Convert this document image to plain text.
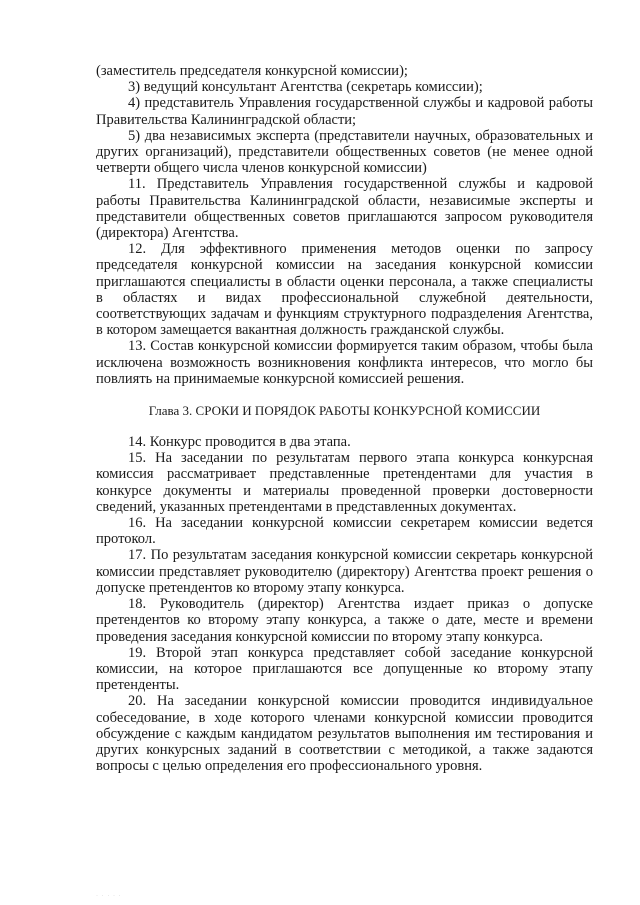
(заместитель председателя конкурсной комиссии);

3) ведущий консультант Агентства (секретарь комиссии);

4) представитель Управления государственной службы и кадровой работы Правительства Калининградской области;

5) два независимых эксперта (представители научных, образовательных и других организаций), представители общественных советов (не менее одной четверти общего числа членов конкурсной комиссии)

11. Представитель Управления государственной службы и кадровой работы Правительства Калининградской области, независимые эксперты и представители общественных советов приглашаются запросом руководителя (директора) Агентства.

12. Для эффективного применения методов оценки по запросу председателя конкурсной комиссии на заседания конкурсной комиссии приглашаются специалисты в области оценки персонала, а также специалисты в областях и видах профессиональной служебной деятельности, соответствующих задачам и функциям структурного подразделения Агентства, в котором замещается вакантная должность гражданской службы.

13. Состав конкурсной комиссии формируется таким образом, чтобы была исключена возможность возникновения конфликта интересов, что могло бы повлиять на принимаемые конкурсной комиссией решения.

Глава 3. СРОКИ И ПОРЯДОК РАБОТЫ КОНКУРСНОЙ КОМИССИИ

14. Конкурс проводится в два этапа.

15. На заседании по результатам первого этапа конкурса конкурсная комиссия рассматривает представленные претендентами для участия в конкурсе документы и материалы проведенной проверки достоверности сведений, указанных претендентами в представленных документах.

16. На заседании конкурсной комиссии секретарем комиссии ведется протокол.

17. По результатам заседания конкурсной комиссии секретарь конкурсной комиссии представляет руководителю (директору) Агентства проект решения о допуске претендентов ко второму этапу конкурса.

18. Руководитель (директор) Агентства издает приказ о допуске претендентов ко второму этапу конкурса, а также о дате, месте и времени проведения заседания конкурсной комиссии по второму этапу конкурса.

19. Второй этап конкурса представляет собой заседание конкурсной комиссии, на которое приглашаются все допущенные ко второму этапу претенденты.

20. На заседании конкурсной комиссии проводится индивидуальное собеседование, в ходе которого членами конкурсной комиссии проводится обсуждение с каждым кандидатом результатов выполнения им тестирования и других конкурсных заданий в соответствии с методикой, а также задаются вопросы с целью определения его профессионального уровня.

· · · · ·
